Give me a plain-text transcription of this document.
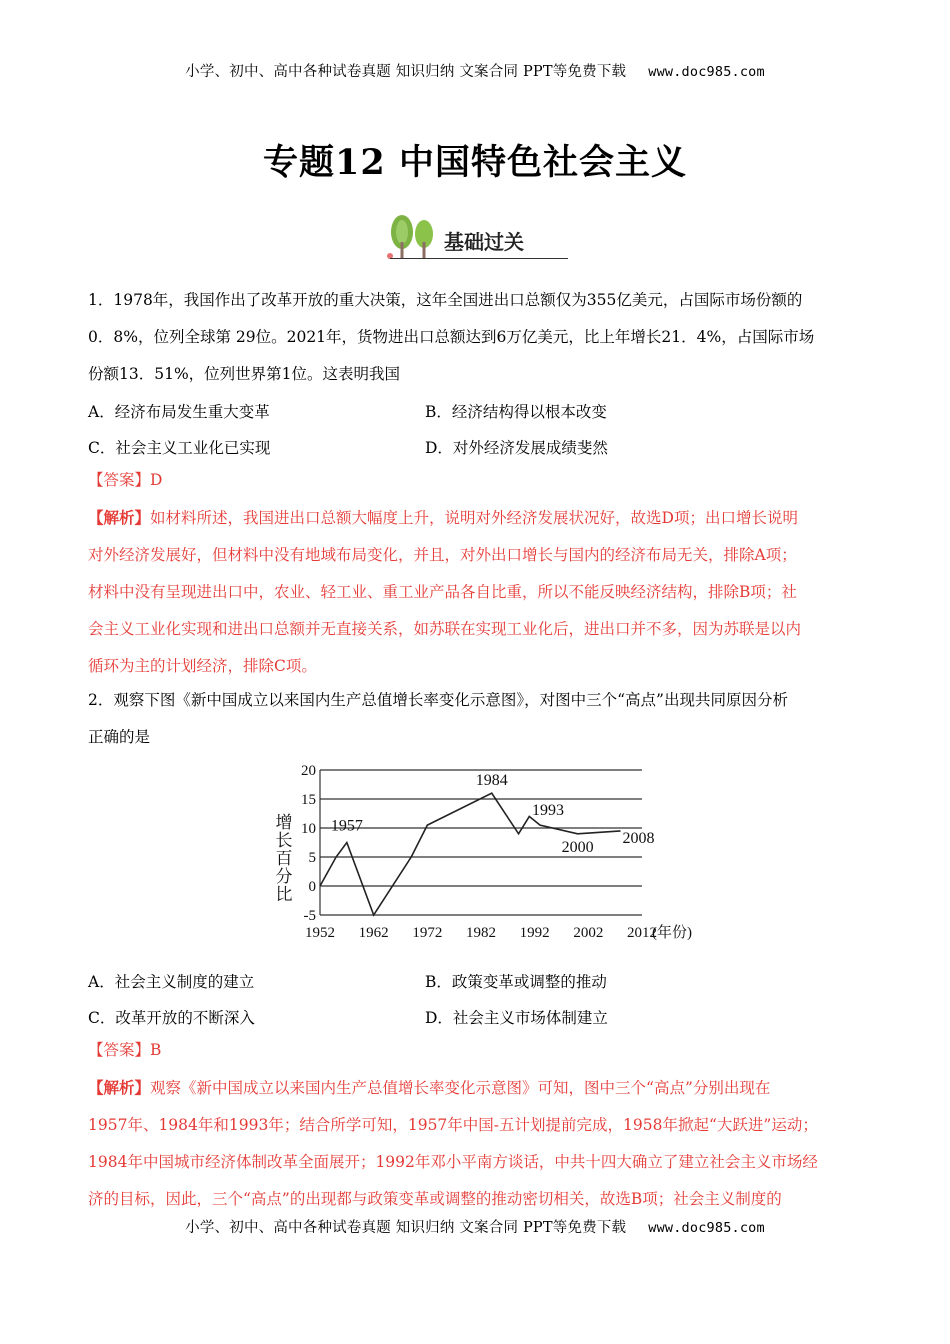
小学、初中、高中各种试卷真题 知识归纳 文案合同 PPT等免费下载 www.doc985.com
专题12 中国特色社会主义
基础过关
1．1978年，我国作出了改革开放的重大决策，这年全国进出口总额仅为355亿美元，占国际市场份额的
0．8%，位列全球第 29位。2021年，货物进出口总额达到6万亿美元，比上年增长21．4%，占国际市场
份额13．51%，位列世界第1位。这表明我国
A．经济布局发生重大变革	B．经济结构得以根本改变
C．社会主义工业化已实现	D．对外经济发展成绩斐然
【答案】D
【解析】如材料所述，我国进出口总额大幅度上升，说明对外经济发展状况好，故选D项；出口增长说明
对外经济发展好，但材料中没有地域布局变化，并且，对外出口增长与国内的经济布局无关，排除A项；
材料中没有呈现进出口中，农业、轻工业、重工业产品各自比重，所以不能反映经济结构，排除B项；社
会主义工业化实现和进出口总额并无直接关系，如苏联在实现工业化后，进出口并不多，因为苏联是以内
循环为主的计划经济，排除C项。
2．观察下图《新中国成立以来国内生产总值增长率变化示意图》，对图中三个“高点”出现共同原因分析
正确的是
20
15
10
5
0
-5
1952 1962 1972 1982 1992 2002 2012
(年份)
1957
1984
1993
2000
2008
增
长
百
分
比
A．社会主义制度的建立	B．政策变革或调整的推动
C．改革开放的不断深入	D．社会主义市场体制建立
【答案】B
【解析】观察《新中国成立以来国内生产总值增长率变化示意图》可知，图中三个“高点”分别出现在
1957年、1984年和1993年；结合所学可知，1957年中国-五计划提前完成，1958年掀起“大跃进”运动；
1984年中国城市经济体制改革全面展开；1992年邓小平南方谈话，中共十四大确立了建立社会主义市场经
济的目标，因此，三个“高点”的出现都与政策变革或调整的推动密切相关，故选B项；社会主义制度的
小学、初中、高中各种试卷真题 知识归纳 文案合同 PPT等免费下载 www.doc985.com
